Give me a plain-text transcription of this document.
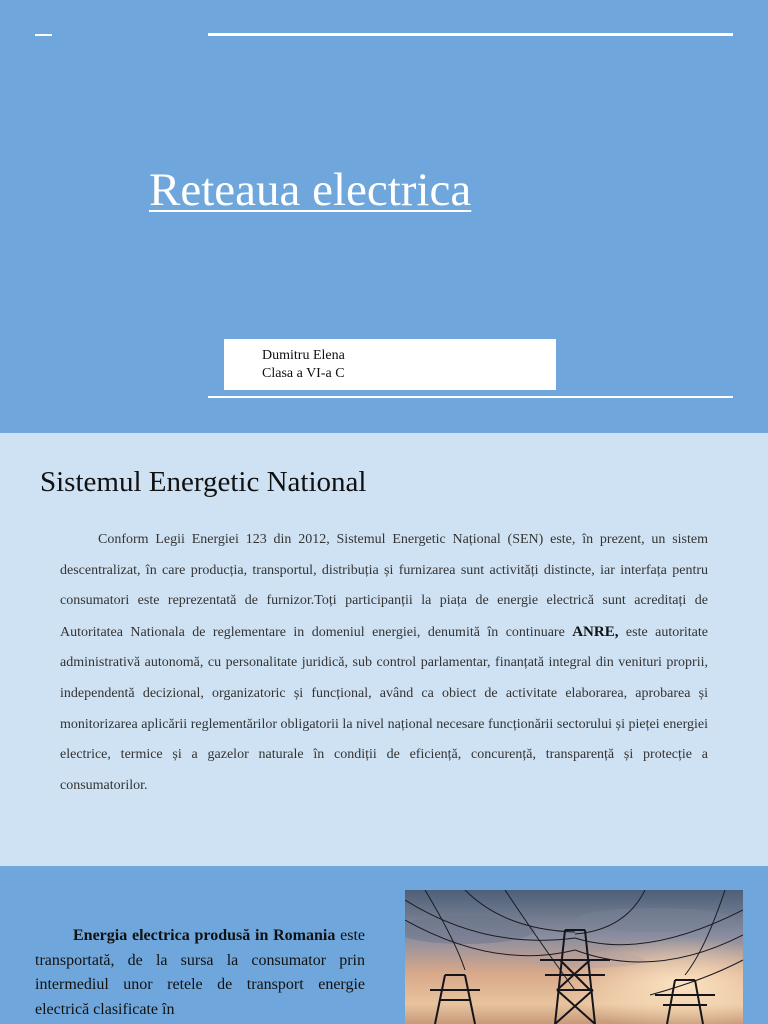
Reteaua electrica
Dumitru Elena
Clasa a VI-a C
Sistemul Energetic National

Conform Legii Energiei 123 din 2012, Sistemul Energetic Național (SEN) este, în prezent, un sistem descentralizat, în care producția, transportul, distribuția și furnizarea sunt activități distincte, iar interfața pentru consumatori este reprezentată de furnizor.Toți participanții la piața de energie electrică sunt acreditați de Autoritatea Nationala de reglementare in domeniul energiei, denumită în continuare ANRE, este autoritate administrativă autonomă, cu personalitate juridică, sub control parlamentar, finanțată integral din venituri proprii, independentă decizional, organizatoric și funcțional, având ca obiect de activitate elaborarea, aprobarea și monitorizarea aplicării reglementărilor obligatorii la nivel național necesare funcționării sectorului și pieței energiei electrice, termice și a gazelor naturale în condiții de eficiență, concurență, transparență și protecție a consumatorilor.

Energia electrica produsă in Romania este transportată, de la sursa la consumator prin intermediul unor retele de transport energie electrică clasificate în
